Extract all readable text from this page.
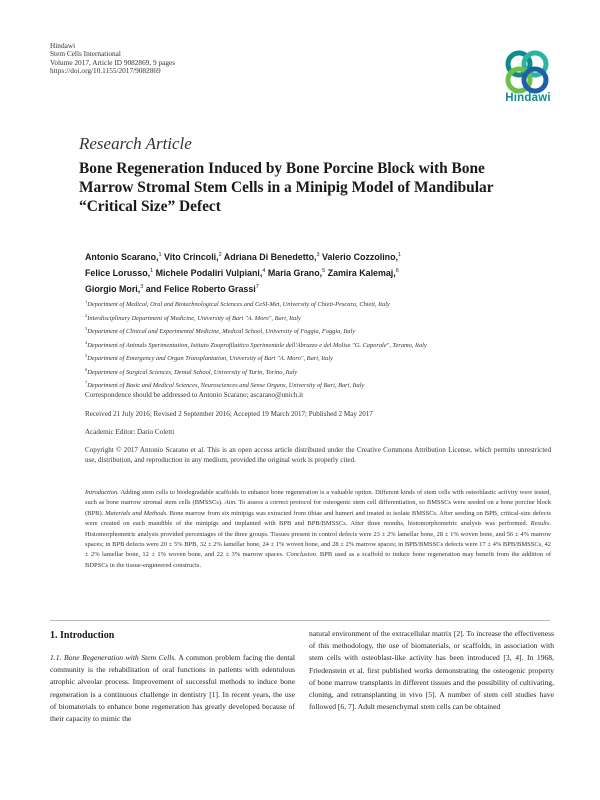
Hindawi
Stem Cells International
Volume 2017, Article ID 9082869, 9 pages
https://doi.org/10.1155/2017/9082869
Hindawi
Research Article
Bone Regeneration Induced by Bone Porcine Block with Bone
Marrow Stromal Stem Cells in a Minipig Model of Mandibular
“Critical Size” Defect
Antonio Scarano,$^1$ Vito Crincoli,$^2$ Adriana Di Benedetto,$^3$ Valerio Cozzolino,$^1$
Felice Lorusso,$^1$ Michele Podaliri Vulpiani,$^4$ Maria Grano,$^5$ Zamira Kalemaj,$^6$
Giorgio Mori,$^3$ and Felice Roberto Grassi$^7$
$^1$Department of Medical, Oral and Biotechnological Sciences and CeSI-Met, University of Chieti-Pescara, Chieti, Italy
$^2$Interdisciplinary Department of Medicine, University of Bari "A. Moro", Bari, Italy
$^3$Department of Clinical and Experimental Medicine, Medical School, University of Foggia, Foggia, Italy
$^4$Department of Animals Sperimentation, Istituto Zooprofilattico Sperimentale dell'Abruzzo e del Molise "G. Caporale", Teramo, Italy
$^5$Department of Emergency and Organ Transplantation, University of Bari "A. Moro", Bari, Italy
$^6$Department of Surgical Sciences, Dental School, University of Turin, Torino, Italy
$^7$Department of Basic and Medical Sciences, Neurosciences and Sense Organs, University of Bari, Bari, Italy
Correspondence should be addressed to Antonio Scarano; ascarano@unich.it
Received 21 July 2016; Revised 2 September 2016; Accepted 19 March 2017; Published 2 May 2017
Academic Editor: Dario Coletti
Copyright © 2017 Antonio Scarano et al. This is an open access article distributed under the Creative Commons Attribution License, which permits unrestricted use, distribution, and reproduction in any medium, provided the original work is properly cited.
Introduction. Adding stem cells to biodegradable scaffolds to enhance bone regeneration is a valuable option. Different kinds of stem cells with osteoblastic activity were tested, such as bone marrow stromal stem cells (BMSSCs). Aim. To assess a correct protocol for osteogenic stem cell differentiation, so BMSSCs were seeded on a bone porcine block (BPB). Materials and Methods. Bone marrow from six minipigs was extracted from tibiae and humeri and treated to isolate BMSSCs. After seeding on BPB, critical-size defects were created on each mandible of the minipigs and implanted with BPB and BPB/BMSSCs. After three months, histomorphometric analysis was performed. Results. Histomorphometric analysis provided percentages of the three groups. Tissues present in control defects were 23 ± 2% lamellar bone, 28 ± 1% woven bone, and 56 ± 4% marrow spaces; in BPB defects were 20 ± 5% BPB, 32 ± 2% lamellar bone, 24 ± 1% woven bone, and 28 ± 2% marrow spaces; in BPB/BMSSCs defects were 17 ± 4% BPB/BMSSCs, 42 ± 2% lamellar bone, 12 ± 1% woven bone, and 22 ± 3% marrow spaces. Conclusion. BPB used as a scaffold to induce bone regeneration may benefit from the addition of BDPSCs in the tissue-engineered constructs.
1. Introduction
1.1. Bone Regeneration with Stem Cells. A common problem facing the dental community is the rehabilitation of oral functions in patients with edentulous atrophic alveolar process. Improvement of successful methods to induce bone regeneration is a continuous challenge in dentistry [1]. In recent years, the use of biomaterials to enhance bone regeneration has greatly developed because of their capacity to mimic the
natural environment of the extracellular matrix [2]. To increase the effectiveness of this methodology, the use of biomaterials, or scaffolds, in association with stem cells with osteoblast-like activity has been introduced [3, 4]. In 1968, Friedenstein et al. first published works demonstrating the osteogenic property of bone marrow transplants in different tissues and the possibility of cultivating, cloning, and retransplanting in vivo [5]. A number of stem cell studies have followed [6, 7]. Adult mesenchymal stem cells can be obtained
